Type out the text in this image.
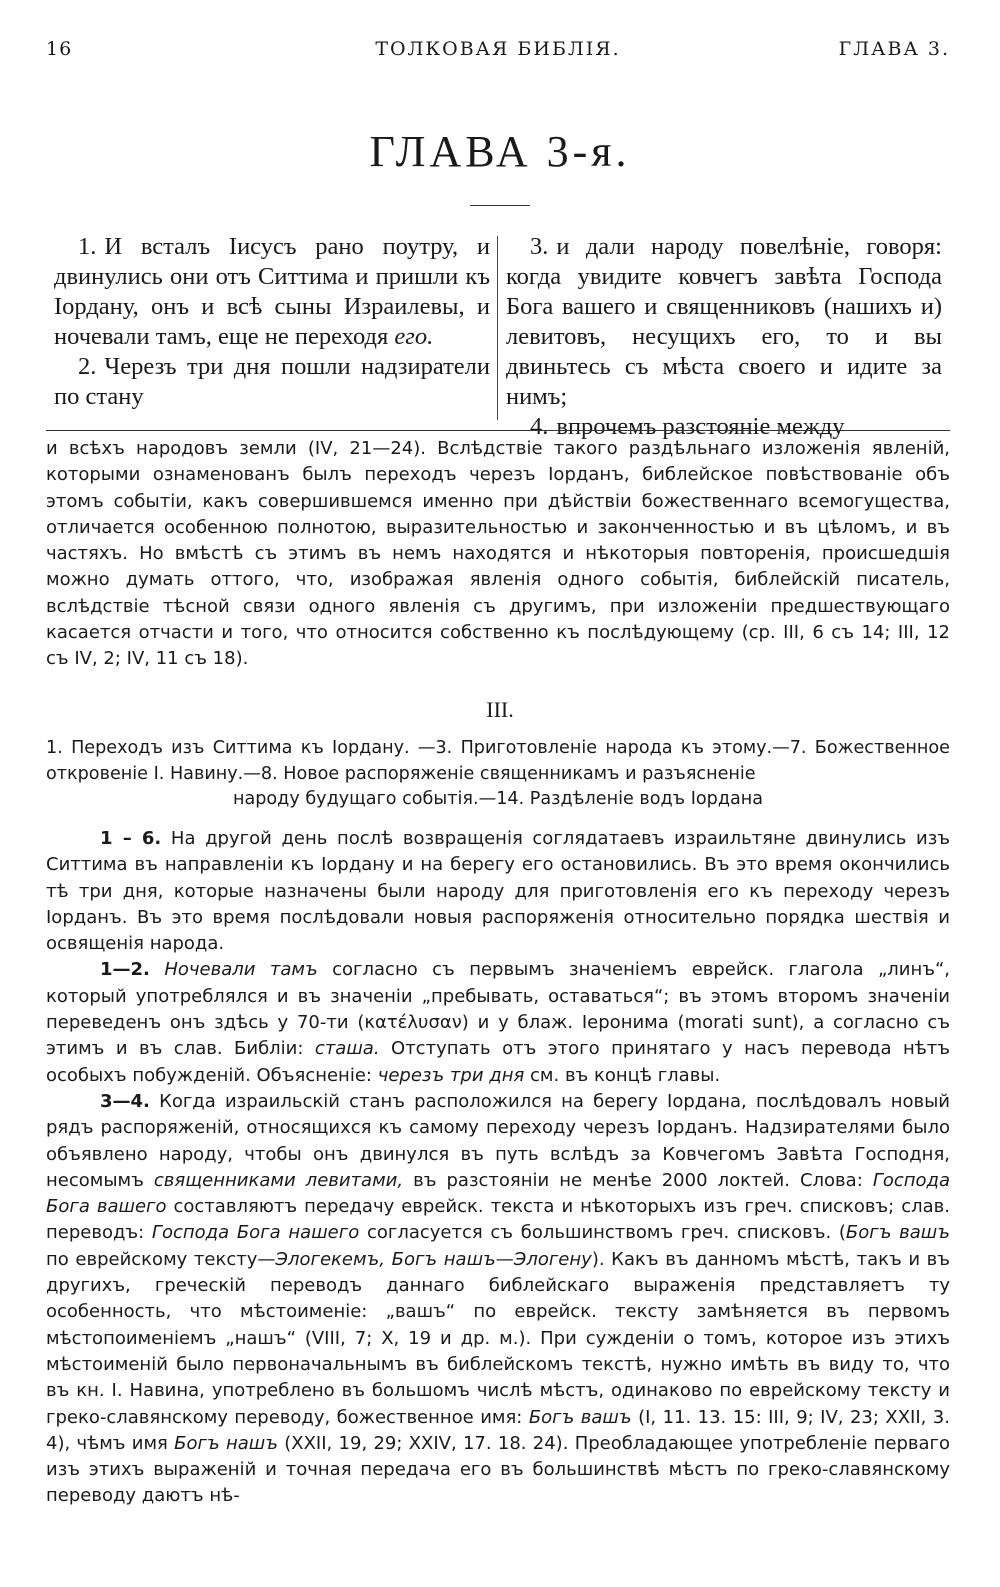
16	ТОЛКОВАЯ БИБЛІЯ.	ГЛАВА 3.
ГЛАВА 3-я.

1. И всталъ Іисусъ рано поутру, и двинулись они отъ Ситтима и пришли къ Іордану, онъ и всѣ сыны Израилевы, и ночевали тамъ, еще не переходя его.

2. Черезъ три дня пошли надзиратели по стану

3. и дали народу повелѣніе, говоря: когда увидите ковчегъ завѣта Господа Бога вашего и священниковъ (нашихъ и) левитовъ, несущихъ его, то и вы двиньтесь съ мѣста своего и идите за нимъ;

4. впрочемъ разстояніе между

и всѣхъ народовъ земли (IV, 21—24). Вслѣдствіе такого раздѣльнаго изложенія явленій, которыми ознаменованъ былъ переходъ черезъ Іорданъ, библейское повѣствованіе объ этомъ событіи, какъ совершившемся именно при дѣйствіи божественнаго всемогущества, отличается особенною полнотою, выразительностью и законченностью и въ цѣломъ, и въ частяхъ. Но вмѣстѣ съ этимъ въ немъ находятся и нѣкоторыя повторенія, происшедшія можно думать оттого, что, изображая явленія одного событія, библейскій писатель, вслѣдствіе тѣсной связи одного явленія съ другимъ, при изложеніи предшествующаго касается отчасти и того, что относится собственно къ послѣдующему (ср. III, 6 съ 14; III, 12 съ IV, 2; IV, 11 съ 18).

III.

1. Переходъ изъ Ситтима къ Іордану. —3. Приготовленіе народа къ этому.—7. Божественное откровеніе І. Навину.—8. Новое распоряженіе священникамъ и разъясненіе
народу будущаго событія.—14. Раздѣленіе водъ Іордана

1 – 6. На другой день послѣ возвращенія соглядатаевъ израильтяне двинулись изъ Ситтима въ направленіи къ Іордану и на берегу его остановились. Въ это время окончились тѣ три дня, которые назначены были народу для приготовленія его къ переходу черезъ Іорданъ. Въ это время послѣдовали новыя распоряженія относительно порядка шествія и освященія народа.

1—2. Ночевали тамъ согласно съ первымъ значеніемъ еврейск. глагола „линъ“, который употреблялся и въ значеніи „пребывать, оставаться“; въ этомъ второмъ значеніи переведенъ онъ здѣсь у 70-ти (κατέλυσαν) и у блаж. Іеронима (morati sunt), а согласно съ этимъ и въ слав. Библіи: сташа. Отступать отъ этого принятаго у насъ перевода нѣтъ особыхъ побужденій. Объясненіе: черезъ три дня см. въ концѣ главы.

3—4. Когда израильскій станъ расположился на берегу Іордана, послѣдовалъ новый рядъ распоряженій, относящихся къ самому переходу черезъ Іорданъ. Надзирателями было объявлено народу, чтобы онъ двинулся въ путь вслѣдъ за Ковчегомъ Завѣта Господня, несомымъ священниками левитами, въ разстояніи не менѣе 2000 локтей. Слова: Господа Бога вашего составляютъ передачу еврейск. текста и нѣкоторыхъ изъ греч. списковъ; слав. переводъ: Господа Бога нашего согласуется съ большинствомъ греч. списковъ. (Богъ вашъ по еврейскому тексту—Элогекемъ, Богъ нашъ—Элогену). Какъ въ данномъ мѣстѣ, такъ и въ другихъ, греческій переводъ даннаго библейскаго выраженія представляетъ ту особенность, что мѣстоименіе: „вашъ“ по еврейск. тексту замѣняется въ первомъ мѣстопоименіемъ „нашъ“ (VIII, 7; X, 19 и др. м.). При сужденіи о томъ, которое изъ этихъ мѣстоименій было первоначальнымъ въ библейскомъ текстѣ, нужно имѣть въ виду то, что въ кн. І. Навина, употреблено въ большомъ числѣ мѣстъ, одинаково по еврейскому тексту и греко-славянскому переводу, божественное имя: Богъ вашъ (I, 11. 13. 15: III, 9; IV, 23; XXII, 3. 4), чѣмъ имя Богъ нашъ (XXII, 19, 29; XXIV, 17. 18. 24). Преобладающее употребленіе перваго изъ этихъ выраженій и точная передача его въ большинствѣ мѣстъ по греко-славянскому переводу даютъ нѣ-
